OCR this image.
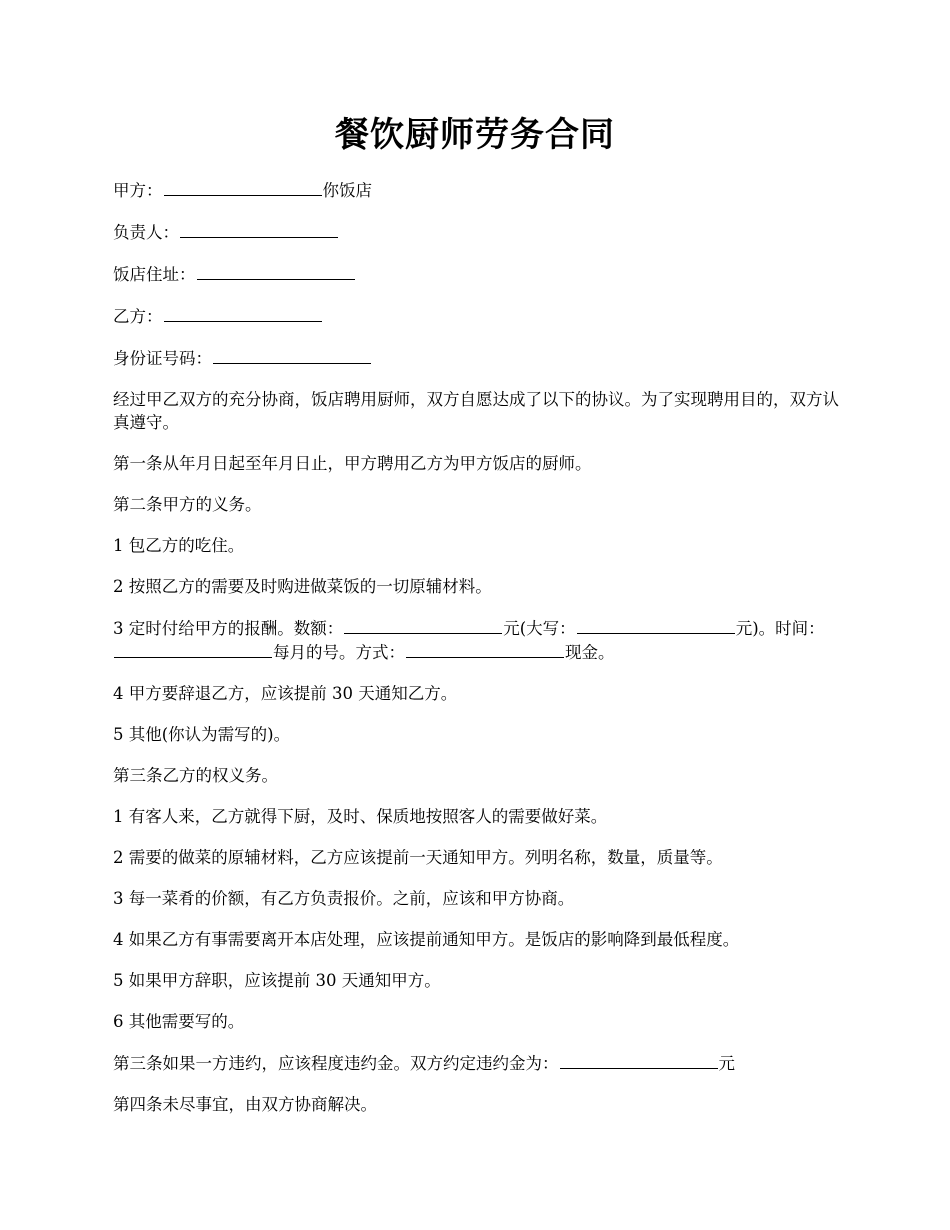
餐饮厨师劳务合同

甲方：	你饭店

负责人：

饭店住址：

乙方：

身份证号码：

经过甲乙双方的充分协商，饭店聘用厨师，双方自愿达成了以下的协议。为了实现聘用目的，双方认真遵守。

第一条从年月日起至年月日止，甲方聘用乙方为甲方饭店的厨师。

第二条甲方的义务。

1 包乙方的吃住。

2 按照乙方的需要及时购进做菜饭的一切原辅材料。

3 定时付给甲方的报酬。数额：	元(大写：	元)。时间：每月的号。方式：	现金。

4 甲方要辞退乙方，应该提前 30 天通知乙方。

5 其他(你认为需写的)。

第三条乙方的权义务。

1 有客人来，乙方就得下厨，及时、保质地按照客人的需要做好菜。

2 需要的做菜的原辅材料，乙方应该提前一天通知甲方。列明名称，数量，质量等。

3 每一菜肴的价额，有乙方负责报价。之前，应该和甲方协商。

4 如果乙方有事需要离开本店处理，应该提前通知甲方。是饭店的影响降到最低程度。

5 如果甲方辞职，应该提前 30 天通知甲方。

6 其他需要写的。

第三条如果一方违约，应该程度违约金。双方约定违约金为：	元

第四条未尽事宜，由双方协商解决。
